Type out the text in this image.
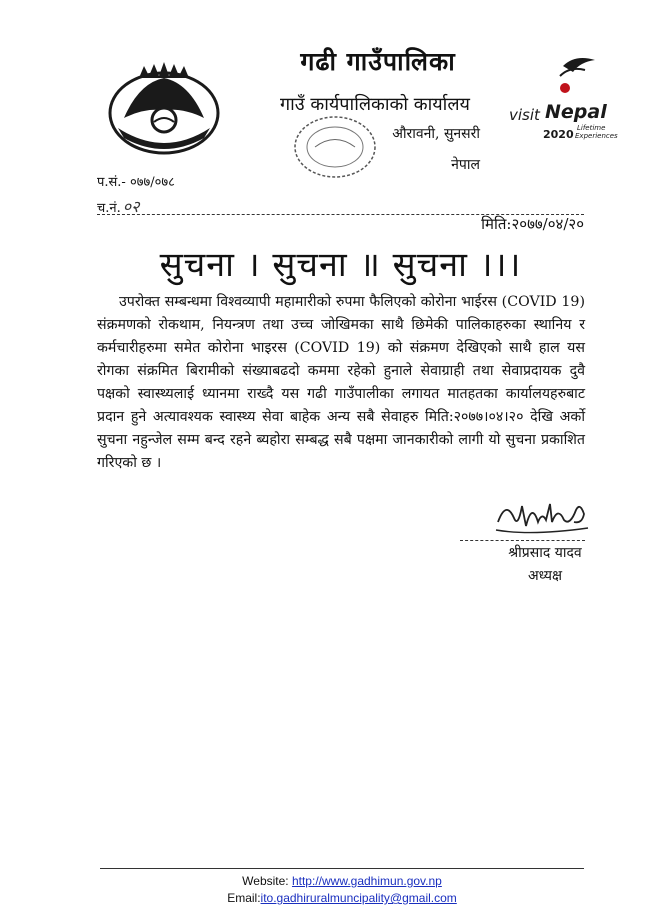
गढी गाउँपालिका
गाउँ कार्यपालिकाको कार्यालय
औरावनी, सुनसरी
नेपाल
visit Nepal
2020 Lifetime
Experiences
प.सं.- ०७७/०७८
च.नं. ०२
मिति:२०७७/०४/२०
सुचना । सुचना ॥ सुचना ।।।
उपरोक्त सम्बन्धमा विश्वव्यापी महामारीको रुपमा फैलिएको कोरोना भाईरस (COVID 19) संक्रमणको रोकथाम, नियन्त्रण तथा उच्च जोखिमका साथै छिमेकी पालिकाहरुका स्थानिय र कर्मचारीहरुमा समेत कोरोना भाइरस (COVID 19) को संक्रमण देखिएको साथै हाल यस रोगका संक्रमित बिरामीको संख्याबढदो कममा रहेको हुनाले सेवाग्राही तथा सेवाप्रदायक दुवै पक्षको स्वास्थ्यलाई ध्यानमा राख्दै यस गढी गाउँपालीका लगायत मातहतका कार्यालयहरुबाट प्रदान हुने अत्यावश्यक स्वास्थ्य सेवा बाहेक अन्य सबै सेवाहरु मिति:२०७७।०४।२० देखि अर्को सुचना नहुन्जेल सम्म बन्द रहने ब्यहोरा सम्बद्ध सबै पक्षमा जानकारीको लागी यो सुचना प्रकाशित गरिएको छ ।
श्रीप्रसाद यादव
अध्यक्ष
Website: http://www.gadhimun.gov.np
Email:ito.gadhiruralmuncipality@gmail.com
